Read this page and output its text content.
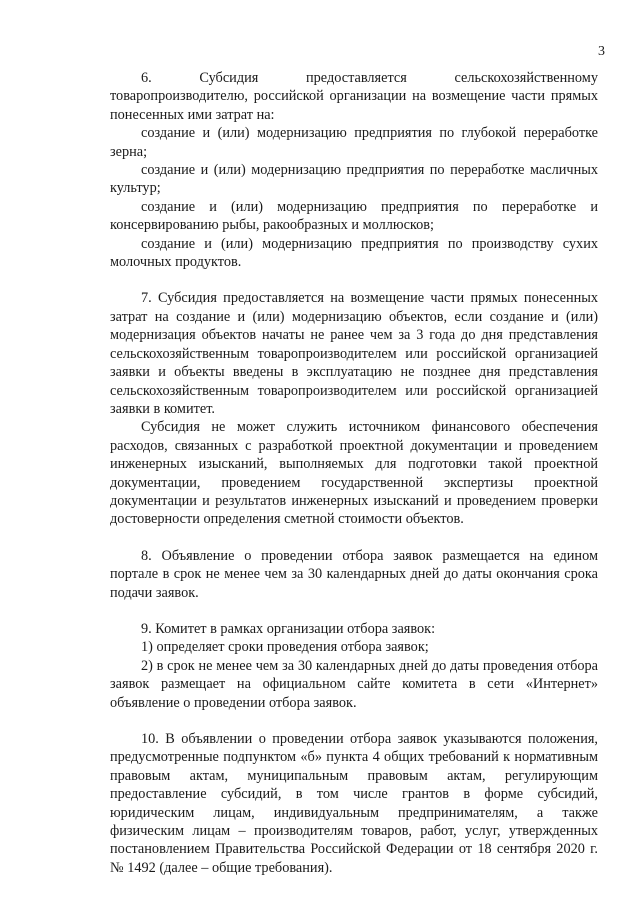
3

6. Субсидия предоставляется сельскохозяйственному товаропроизводителю, российской организации на возмещение части прямых понесенных ими затрат на:

создание и (или) модернизацию предприятия по глубокой переработке зерна;

создание и (или) модернизацию предприятия по переработке масличных культур;

создание и (или) модернизацию предприятия по переработке и консервированию рыбы, ракообразных и моллюсков;

создание и (или) модернизацию предприятия по производству сухих молочных продуктов.

7. Субсидия предоставляется на возмещение части прямых понесенных затрат на создание и (или) модернизацию объектов, если создание и (или) модернизация объектов начаты не ранее чем за 3 года до дня представления сельскохозяйственным товаропроизводителем или российской организацией заявки и объекты введены в эксплуатацию не позднее дня представления сельскохозяйственным товаропроизводителем или российской организацией заявки в комитет.

Субсидия не может служить источником финансового обеспечения расходов, связанных с разработкой проектной документации и проведением инженерных изысканий, выполняемых для подготовки такой проектной документации, проведением государственной экспертизы проектной документации и результатов инженерных изысканий и проведением проверки достоверности определения сметной стоимости объектов.

8. Объявление о проведении отбора заявок размещается на едином портале в срок не менее чем за 30 календарных дней до даты окончания срока подачи заявок.

9. Комитет в рамках организации отбора заявок:

1) определяет сроки проведения отбора заявок;

2) в срок не менее чем за 30 календарных дней до даты проведения отбора заявок размещает на официальном сайте комитета в сети «Интернет» объявление о проведении отбора заявок.

10. В объявлении о проведении отбора заявок указываются положения, предусмотренные подпунктом «б» пункта 4 общих требований к нормативным правовым актам, муниципальным правовым актам, регулирующим предоставление субсидий, в том числе грантов в форме субсидий, юридическим лицам, индивидуальным предпринимателям, а также физическим лицам – производителям товаров, работ, услуг, утвержденных постановлением Правительства Российской Федерации от 18 сентября 2020 г. № 1492 (далее – общие требования).
